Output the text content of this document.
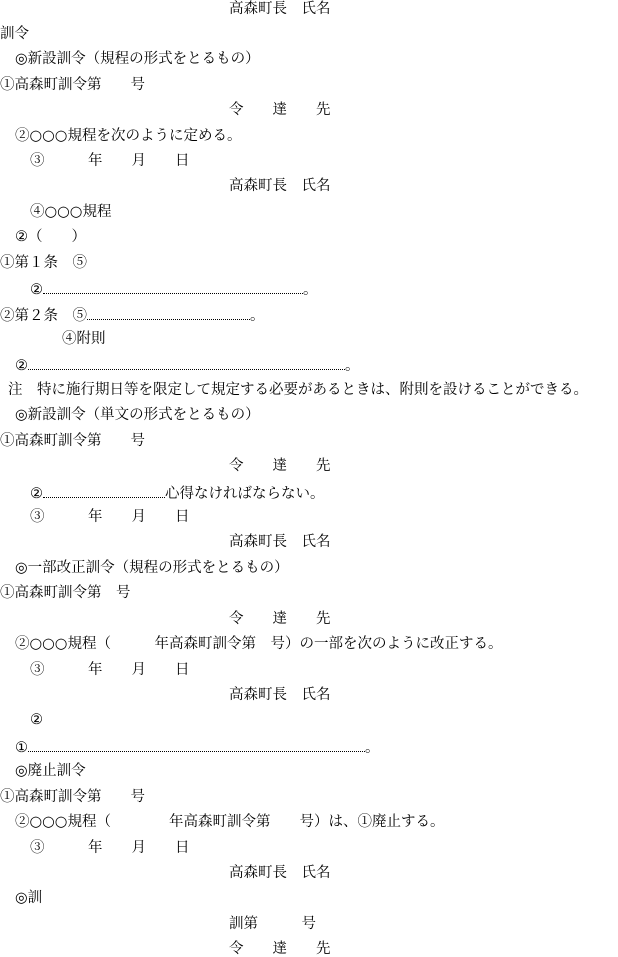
高森町長　氏名
訓令
◎新設訓令（規程の形式をとるもの）
①高森町訓令第　　号
令　　達　　先
②○○○規程を次のように定める。
③　　　年　　月　　日
高森町長　氏名
④○○○規程
②（　　）
①第１条　⑤
②	。
②第２条　⑤	。
④附則
②	。
注　特に施行期日等を限定して規定する必要があるときは、附則を設けることができる。
◎新設訓令（単文の形式をとるもの）
①高森町訓令第　　号
令　　達　　先
②	心得なければならない。
③　　　年　　月　　日
高森町長　氏名
◎一部改正訓令（規程の形式をとるもの）
①高森町訓令第　号
令　　達　　先
②○○○規程（　　　年高森町訓令第　号）の一部を次のように改正する。
③　　　年　　月　　日
高森町長　氏名
②
①	。
◎廃止訓令
①高森町訓令第　　号
②○○○規程（　　　　年高森町訓令第　　号）は、①廃止する。
③　　　年　　月　　日
高森町長　氏名
◎訓
訓第　　　号
令　　達　　先
